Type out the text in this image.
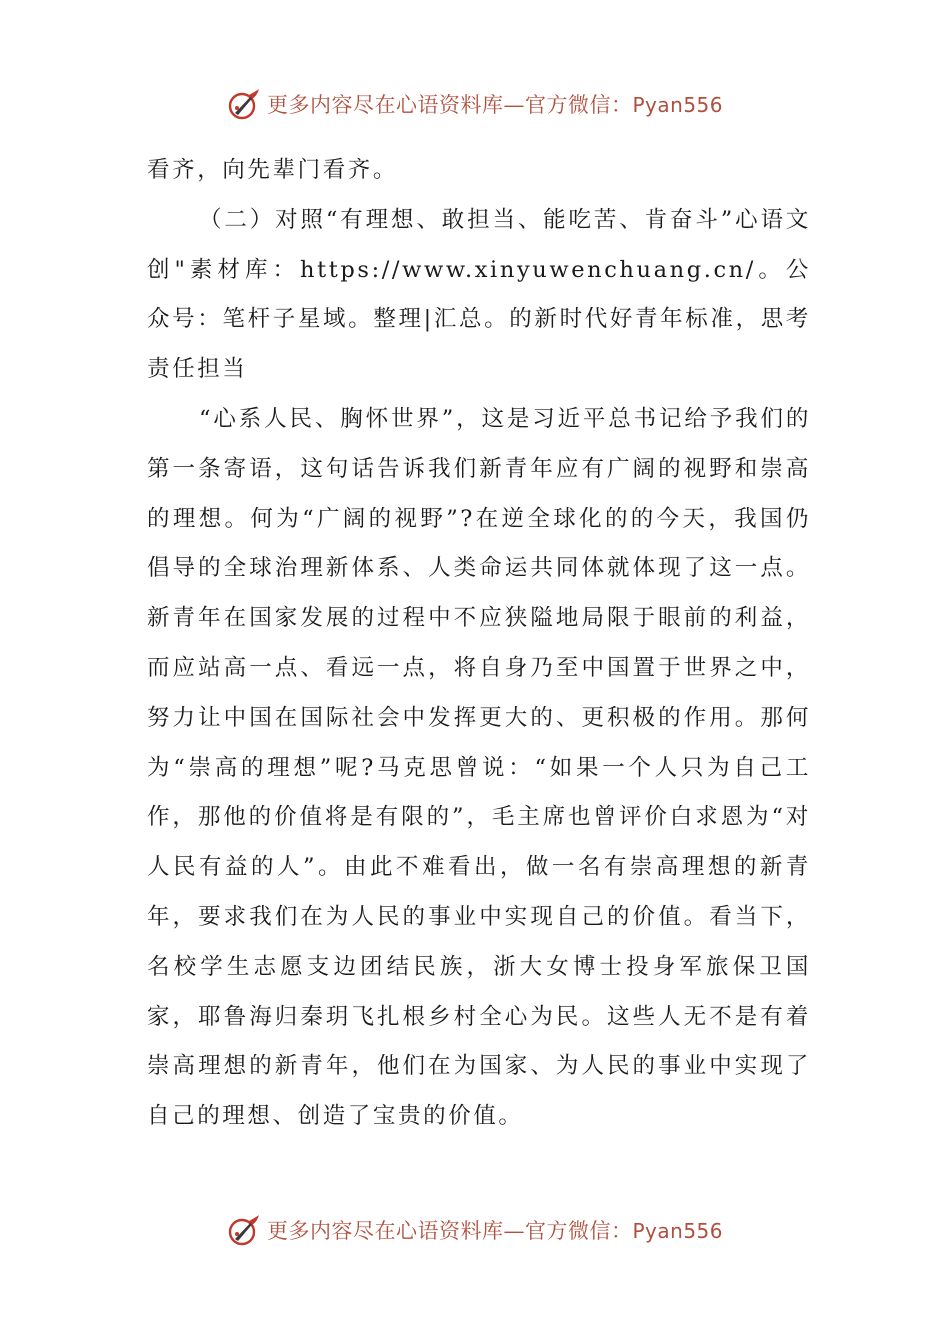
更多内容尽在心语资料库—官方微信：Pyan556

看齐，向先辈门看齐。

（二）对照“有理想、敢担当、能吃苦、肯奋斗”心语文创"素材库：https://www.xinyuwenchuang.cn/。公众号：笔杆子星域。整理|汇总。的新时代好青年标准，思考责任担当

“心系人民、胸怀世界”，这是习近平总书记给予我们的第一条寄语，这句话告诉我们新青年应有广阔的视野和崇高的理想。何为“广阔的视野”?在逆全球化的的今天，我国仍倡导的全球治理新体系、人类命运共同体就体现了这一点。新青年在国家发展的过程中不应狭隘地局限于眼前的利益，而应站高一点、看远一点，将自身乃至中国置于世界之中，努力让中国在国际社会中发挥更大的、更积极的作用。那何为“崇高的理想”呢?马克思曾说：“如果一个人只为自己工作，那他的价值将是有限的”，毛主席也曾评价白求恩为“对人民有益的人”。由此不难看出，做一名有崇高理想的新青年，要求我们在为人民的事业中实现自己的价值。看当下，名校学生志愿支边团结民族，浙大女博士投身军旅保卫国家，耶鲁海归秦玥飞扎根乡村全心为民。这些人无不是有着崇高理想的新青年，他们在为国家、为人民的事业中实现了自己的理想、创造了宝贵的价值。

更多内容尽在心语资料库—官方微信：Pyan556
